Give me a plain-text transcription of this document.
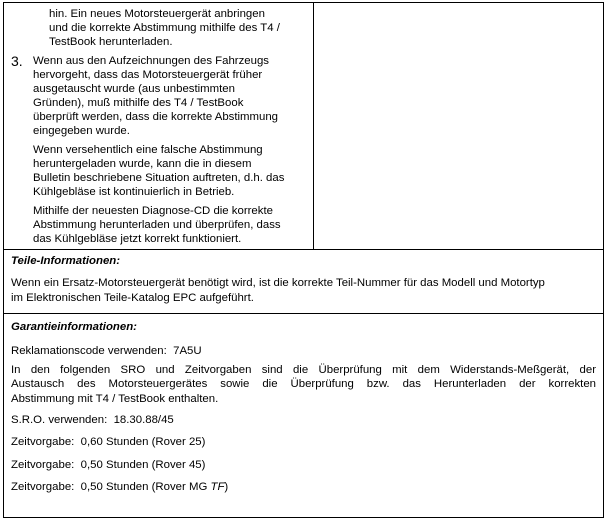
hin. Ein neues Motorsteuergerät anbringen
und die korrekte Abstimmung mithilfe des T4 /
TestBook herunterladen.
3. Wenn aus den Aufzeichnungen des Fahrzeugs
hervorgeht, dass das Motorsteuergerät früher
ausgetauscht wurde (aus unbestimmten
Gründen), muß mithilfe des T4 / TestBook
überprüft werden, dass die korrekte Abstimmung
eingegeben wurde.
Wenn versehentlich eine falsche Abstimmung
heruntergeladen wurde, kann die in diesem
Bulletin beschriebene Situation auftreten, d.h. das
Kühlgebläse ist kontinuierlich in Betrieb.
Mithilfe der neuesten Diagnose-CD die korrekte
Abstimmung herunterladen und überprüfen, dass
das Kühlgebläse jetzt korrekt funktioniert.
Teile-Informationen:
Wenn ein Ersatz-Motorsteuergerät benötigt wird, ist die korrekte Teil-Nummer für das Modell und Motortyp
im Elektronischen Teile-Katalog EPC aufgeführt.
Garantieinformationen:
Reklamationscode verwenden: 7A5U
In den folgenden SRO und Zeitvorgaben sind die Überprüfung mit dem Widerstands-Meßgerät, der
Austausch des Motorsteuergerätes sowie die Überprüfung bzw. das Herunterladen der korrekten
Abstimmung mit T4 / TestBook enthalten.
S.R.O. verwenden: 18.30.88/45
Zeitvorgabe: 0,60 Stunden (Rover 25)
Zeitvorgabe: 0,50 Stunden (Rover 45)
Zeitvorgabe: 0,50 Stunden (Rover MG TF)
